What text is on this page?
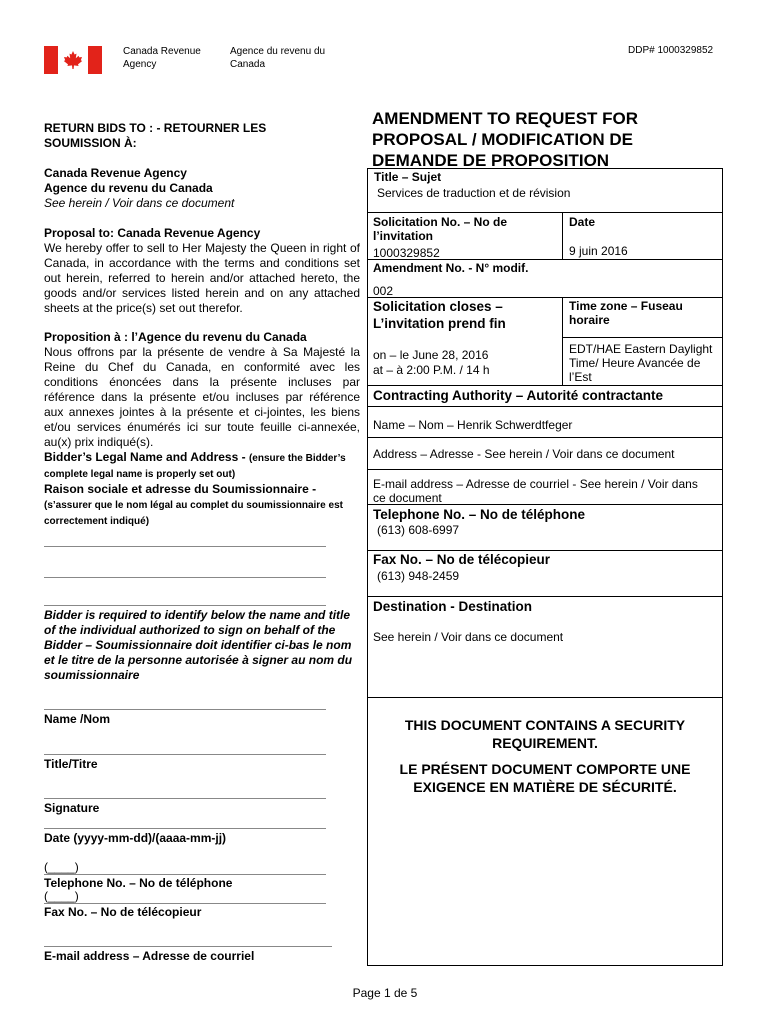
Canada Revenue Agency
Agence du revenu du Canada
DDP# 1000329852
RETURN BIDS TO : - RETOURNER LES SOUMISSION À:
Canada Revenue Agency
Agence du revenu du Canada
See herein / Voir dans ce document
Proposal to: Canada Revenue Agency
We hereby offer to sell to Her Majesty the Queen in right of Canada, in accordance with the terms and conditions set out herein, referred to herein and/or attached hereto, the goods and/or services listed herein and on any attached sheets at the price(s) set out therefor.
Proposition à : l’Agence du revenu du Canada
Nous offrons par la présente de vendre à Sa Majesté la Reine du Chef du Canada, en conformité avec les conditions énoncées dans la présente incluses par référence dans la présente et/ou incluses par référence aux annexes jointes à la présente et ci-jointes, les biens et/ou services énumérés ici sur toute feuille ci-annexée, au(x) prix indiqué(s).
Bidder’s Legal Name and Address - (ensure the Bidder’s complete legal name is properly set out)
Raison sociale et adresse du Soumissionnaire - (s’assurer que le nom légal au complet du soumissionnaire est correctement indiqué)
Bidder is required to identify below the name and title of the individual authorized to sign on behalf of the Bidder – Soumissionnaire doit identifier ci-bas le nom et le titre de la personne autorisée à signer au nom du soumissionnaire
Name /Nom
Title/Titre
Signature
Date (yyyy-mm-dd)/(aaaa-mm-jj)
(____)
Telephone No. – No de téléphone
(____)
Fax No. – No de télécopieur
E-mail address – Adresse de courriel
AMENDMENT TO REQUEST FOR PROPOSAL / MODIFICATION DE DEMANDE DE PROPOSITION
Title – Sujet
Services de traduction et de révision
Solicitation No. – No de l’invitation
1000329852
Date
9 juin 2016
Amendment No. - N° modif.
002
Solicitation closes – L’invitation prend fin
Time zone – Fuseau horaire
on – le June 28, 2016
at – à 2:00 P.M. / 14 h
EDT/HAE Eastern Daylight Time/ Heure Avancée de l’Est
Contracting Authority – Autorité contractante
Name – Nom – Henrik Schwerdtfeger
Address – Adresse - See herein / Voir dans ce document
E-mail address – Adresse de courriel - See herein / Voir dans ce document
Telephone No. – No de téléphone
(613) 608-6997
Fax No. – No de télécopieur
(613) 948-2459
Destination - Destination
See herein / Voir dans ce document
THIS DOCUMENT CONTAINS A SECURITY REQUIREMENT.
LE PRÉSENT DOCUMENT COMPORTE UNE EXIGENCE EN MATIÈRE DE SÉCURITÉ.
Page 1 de 5
